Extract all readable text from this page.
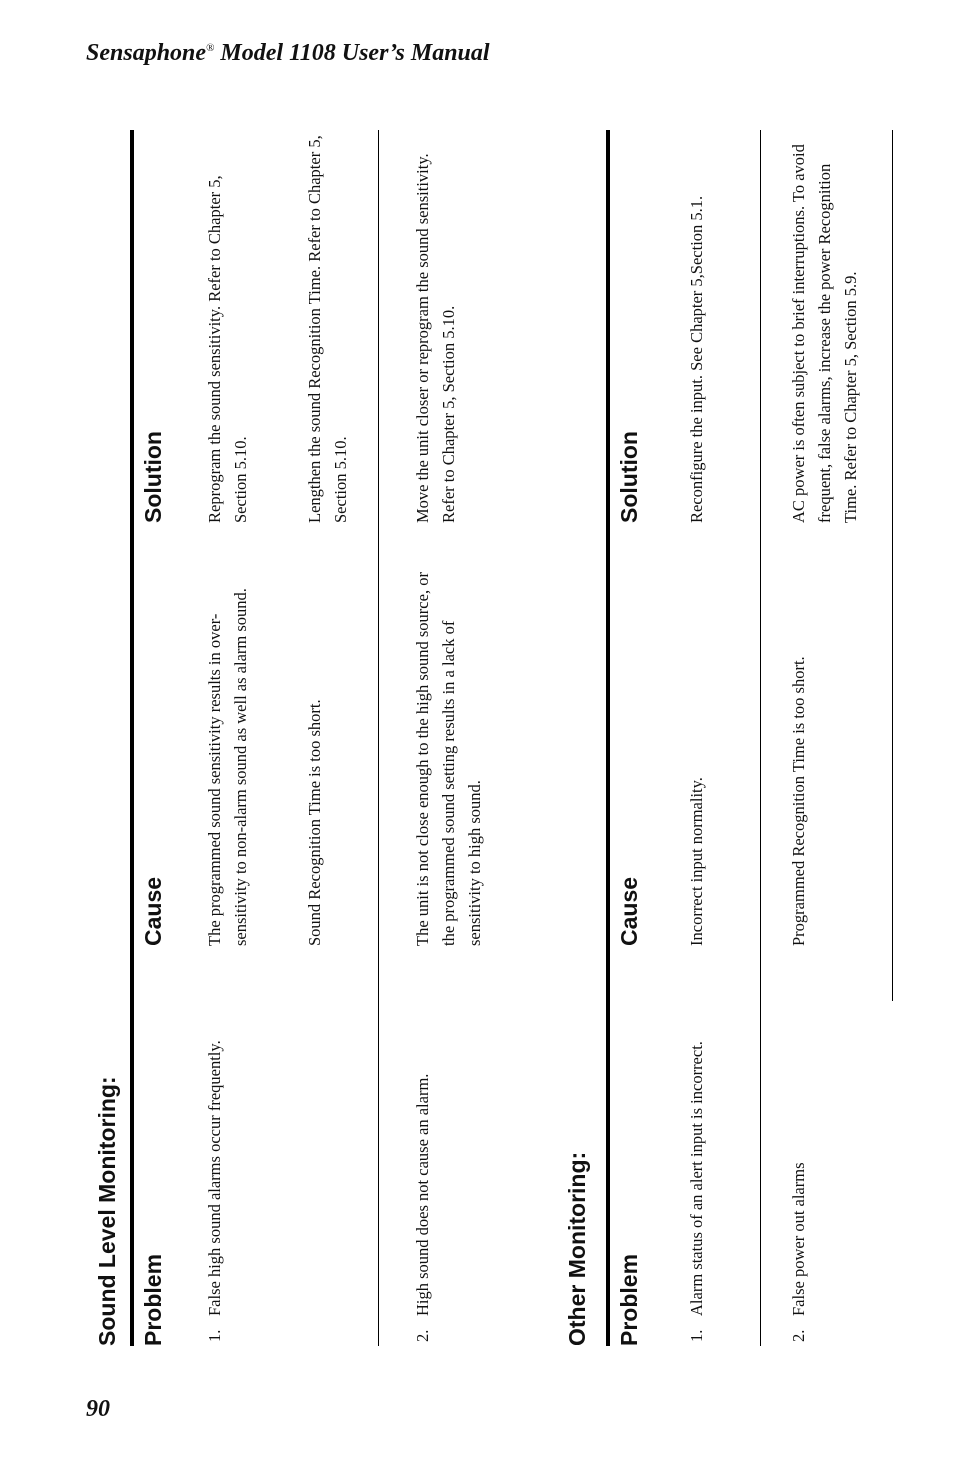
Sensaphone® Model 1108 User’s Manual
90
Sound Level Monitoring: Problem
Cause
Solution
1.
False high sound alarms occur frequently.
The programmed sound sensitivity results in over-sensitivity to non-alarm sound as well as alarm sound.
Reprogram the sound sensitivity. Refer to Chapter 5, Section 5.10.
Sound Recognition Time is too short.
Lengthen the sound Recognition Time. Refer to Chapter 5, Section 5.10.
2.
High sound does not cause an alarm.
The unit is not close enough to the high sound source, or the programmed sound setting results in a lack of sensitivity to high sound.
Move the unit closer or reprogram the sound sensitivity. Refer to Chapter 5, Section 5.10.
Other Monitoring: Problem
Cause
Solution
1.
Alarm status of an alert input is incorrect.
Incorrect input normality.
Reconfigure the input. See Chapter 5,Section 5.1.
2.
False power out alarms
Programmed Recognition Time is too short.
AC power is often subject to brief interruptions. To avoid frequent, false alarms, increase the power Recognition Time. Refer to Chapter 5, Section 5.9.
